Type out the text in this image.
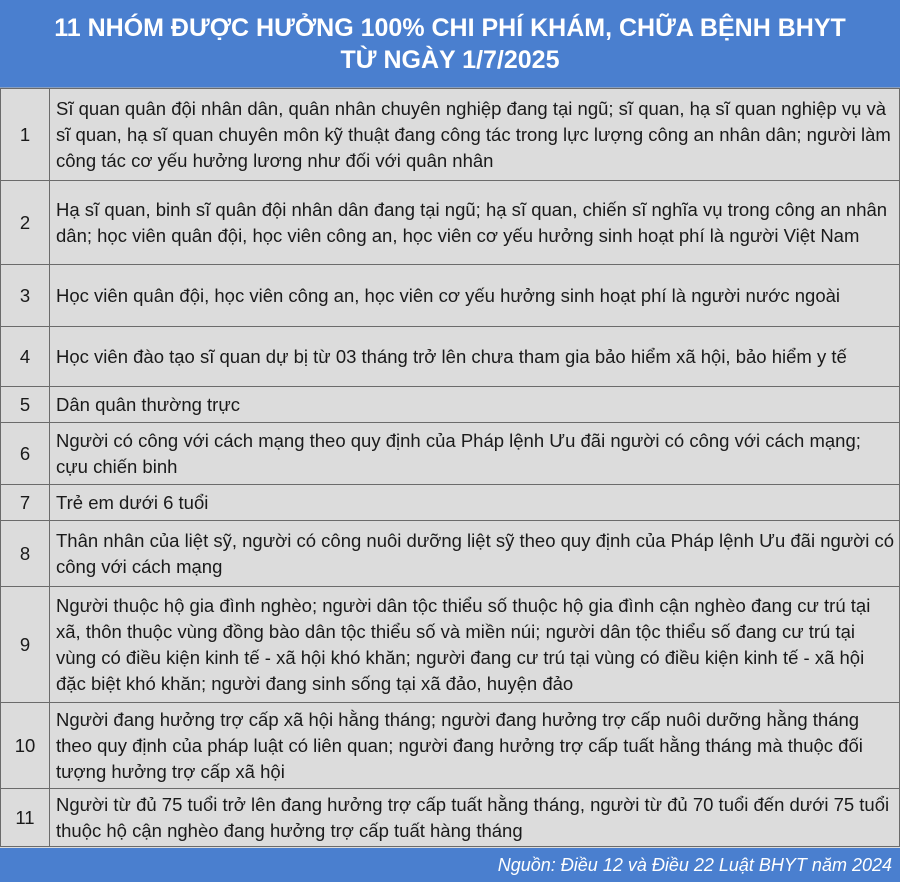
11 NHÓM ĐƯỢC HƯỞNG 100% CHI PHÍ KHÁM, CHỮA BỆNH BHYT
TỪ NGÀY 1/7/2025
1	Sĩ quan quân đội nhân dân, quân nhân chuyên nghiệp đang tại ngũ; sĩ quan, hạ sĩ quan nghiệp vụ và sĩ quan, hạ sĩ quan chuyên môn kỹ thuật đang công tác trong lực lượng công an nhân dân; người làm công tác cơ yếu hưởng lương như đối với quân nhân
2	Hạ sĩ quan, binh sĩ quân đội nhân dân đang tại ngũ; hạ sĩ quan, chiến sĩ nghĩa vụ trong công an nhân dân; học viên quân đội, học viên công an, học viên cơ yếu hưởng sinh hoạt phí là người Việt Nam
3	Học viên quân đội, học viên công an, học viên cơ yếu hưởng sinh hoạt phí là người nước ngoài
4	Học viên đào tạo sĩ quan dự bị từ 03 tháng trở lên chưa tham gia bảo hiểm xã hội, bảo hiểm y tế
5	Dân quân thường trực
6	Người có công với cách mạng theo quy định của Pháp lệnh Ưu đãi người có công với cách mạng; cựu chiến binh
7	Trẻ em dưới 6 tuổi
8	Thân nhân của liệt sỹ, người có công nuôi dưỡng liệt sỹ theo quy định của Pháp lệnh Ưu đãi người có công với cách mạng
9	Người thuộc hộ gia đình nghèo; người dân tộc thiểu số thuộc hộ gia đình cận nghèo đang cư trú tại xã, thôn thuộc vùng đồng bào dân tộc thiểu số và miền núi; người dân tộc thiểu số đang cư trú tại vùng có điều kiện kinh tế - xã hội khó khăn; người đang cư trú tại vùng có điều kiện kinh tế - xã hội đặc biệt khó khăn; người đang sinh sống tại xã đảo, huyện đảo
10	Người đang hưởng trợ cấp xã hội hằng tháng; người đang hưởng trợ cấp nuôi dưỡng hằng tháng theo quy định của pháp luật có liên quan; người đang hưởng trợ cấp tuất hằng tháng mà thuộc đối tượng hưởng trợ cấp xã hội
11	Người từ đủ 75 tuổi trở lên đang hưởng trợ cấp tuất hằng tháng, người từ đủ 70 tuổi đến dưới 75 tuổi thuộc hộ cận nghèo đang hưởng trợ cấp tuất hàng tháng
Nguồn: Điều 12 và Điều 22 Luật BHYT năm 2024
